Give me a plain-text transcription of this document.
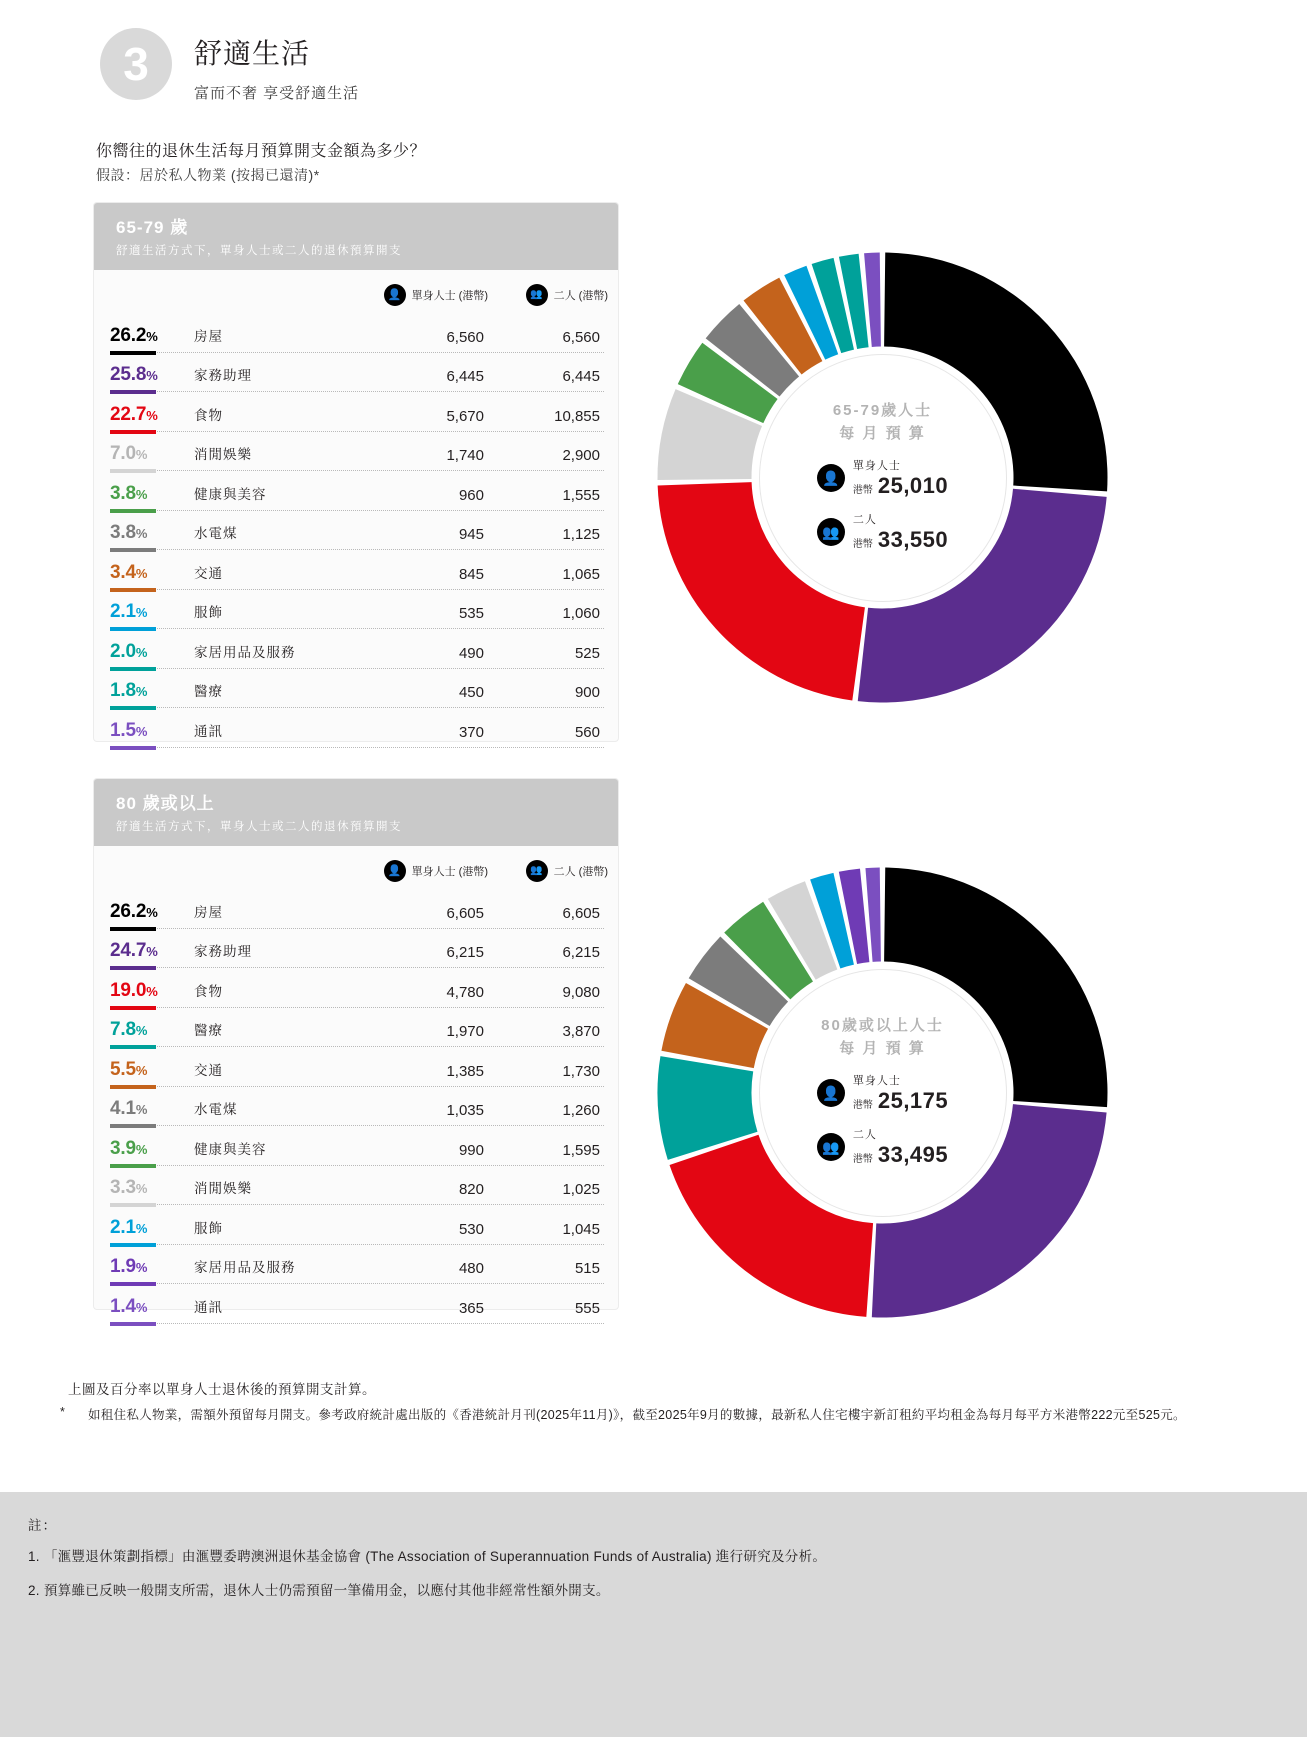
3	舒適生活
富而不奢 享受舒適生活
你嚮往的退休生活每月預算開支金額為多少？
假設：居於私人物業 (按揭已還清)*
65-79 歲
舒適生活方式下，單身人士或二人的退休預算開支
👤 單身人士 (港幣)	👥 二人 (港幣)
26.2%	房屋	6,560	6,560
25.8%	家務助理	6,445	6,445
22.7%	食物	5,670	10,855
7.0%	消閒娛樂	1,740	2,900
3.8%	健康與美容	960	1,555
3.8%	水電煤	945	1,125
3.4%	交通	845	1,065
2.1%	服飾	535	1,060
2.0%	家居用品及服務	490	525
1.8%	醫療	450	900
1.5%	通訊	370	560
65-79歲人士
每 月 預 算
👤
單身人士
港幣 25,010
👥
二人
港幣 33,550
80 歲或以上
舒適生活方式下，單身人士或二人的退休預算開支
👤 單身人士 (港幣)	👥 二人 (港幣)
26.2%	房屋	6,605	6,605
24.7%	家務助理	6,215	6,215
19.0%	食物	4,780	9,080
7.8%	醫療	1,970	3,870
5.5%	交通	1,385	1,730
4.1%	水電煤	1,035	1,260
3.9%	健康與美容	990	1,595
3.3%	消閒娛樂	820	1,025
2.1%	服飾	530	1,045
1.9%	家居用品及服務	480	515
1.4%	通訊	365	555
80歲或以上人士
每 月 預 算
👤
單身人士
港幣 25,175
👥
二人
港幣 33,495
上圖及百分率以單身人士退休後的預算開支計算。
*	如租住私人物業，需額外預留每月開支。參考政府統計處出版的《香港統計月刊(2025年11月)》，截至2025年9月的數據，最新私人住宅樓宇新訂租約平均租金為每月每平方米港幣222元至525元。
註：
1. 「滙豐退休策劃指標」由滙豐委聘澳洲退休基金協會 (The Association of Superannuation Funds of Australia) 進行研究及分析。
2. 預算雖已反映一般開支所需，退休人士仍需預留一筆備用金，以應付其他非經常性額外開支。
